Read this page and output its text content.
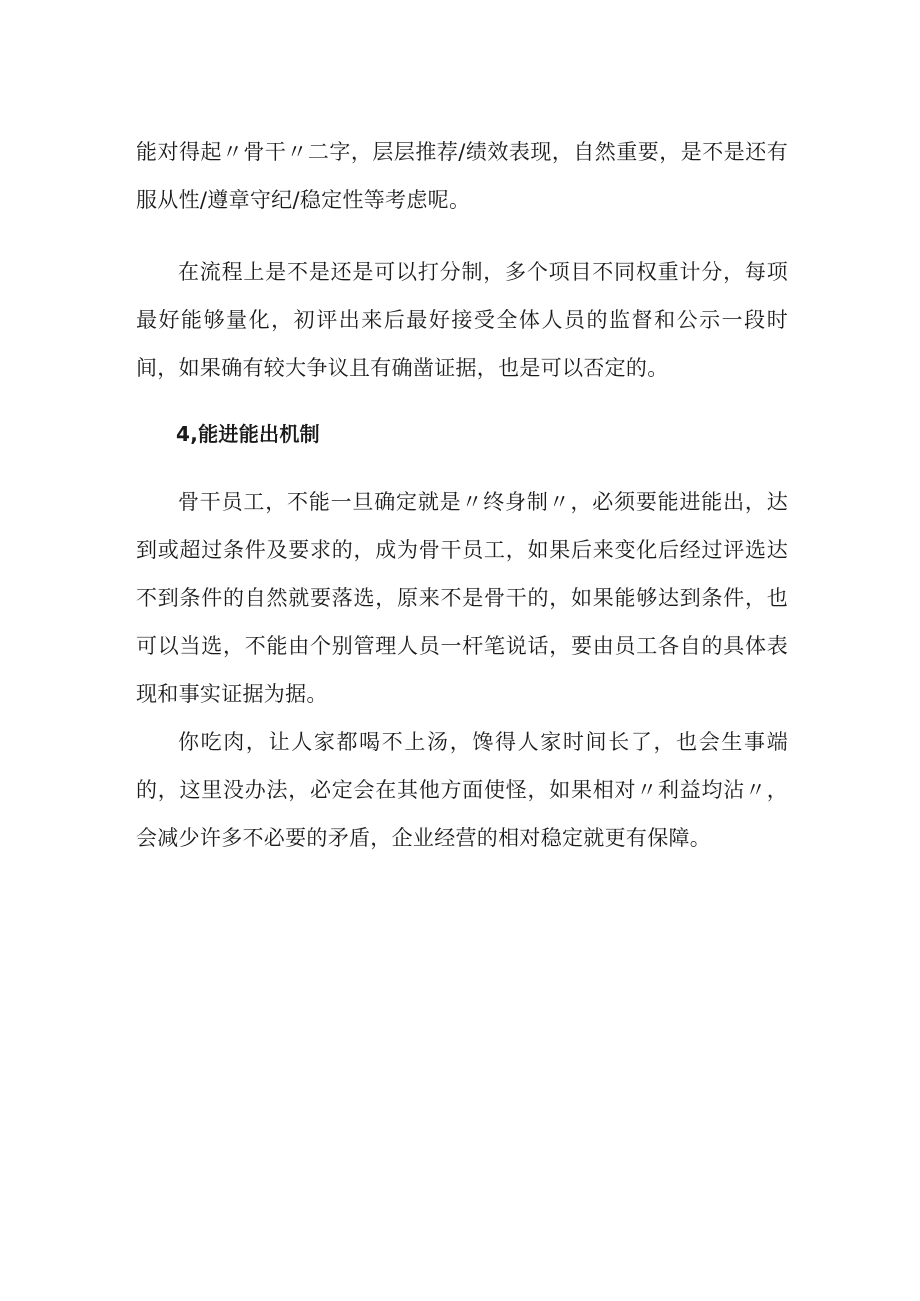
能对得起〃骨干〃二字，层层推荐/绩效表现，自然重要，是不是还有服从性/遵章守纪/稳定性等考虑呢。

在流程上是不是还是可以打分制，多个项目不同权重计分，每项最好能够量化，初评出来后最好接受全体人员的监督和公示一段时间，如果确有较大争议且有确凿证据，也是可以否定的。

4,能进能出机制

骨干员工，不能一旦确定就是〃终身制〃，必须要能进能出，达到或超过条件及要求的，成为骨干员工，如果后来变化后经过评选达不到条件的自然就要落选，原来不是骨干的，如果能够达到条件，也可以当选，不能由个别管理人员一杆笔说话，要由员工各自的具体表现和事实证据为据。

你吃肉，让人家都喝不上汤，馋得人家时间长了，也会生事端的，这里没办法，必定会在其他方面使怪，如果相对〃利益均沾〃，会减少许多不必要的矛盾，企业经营的相对稳定就更有保障。
